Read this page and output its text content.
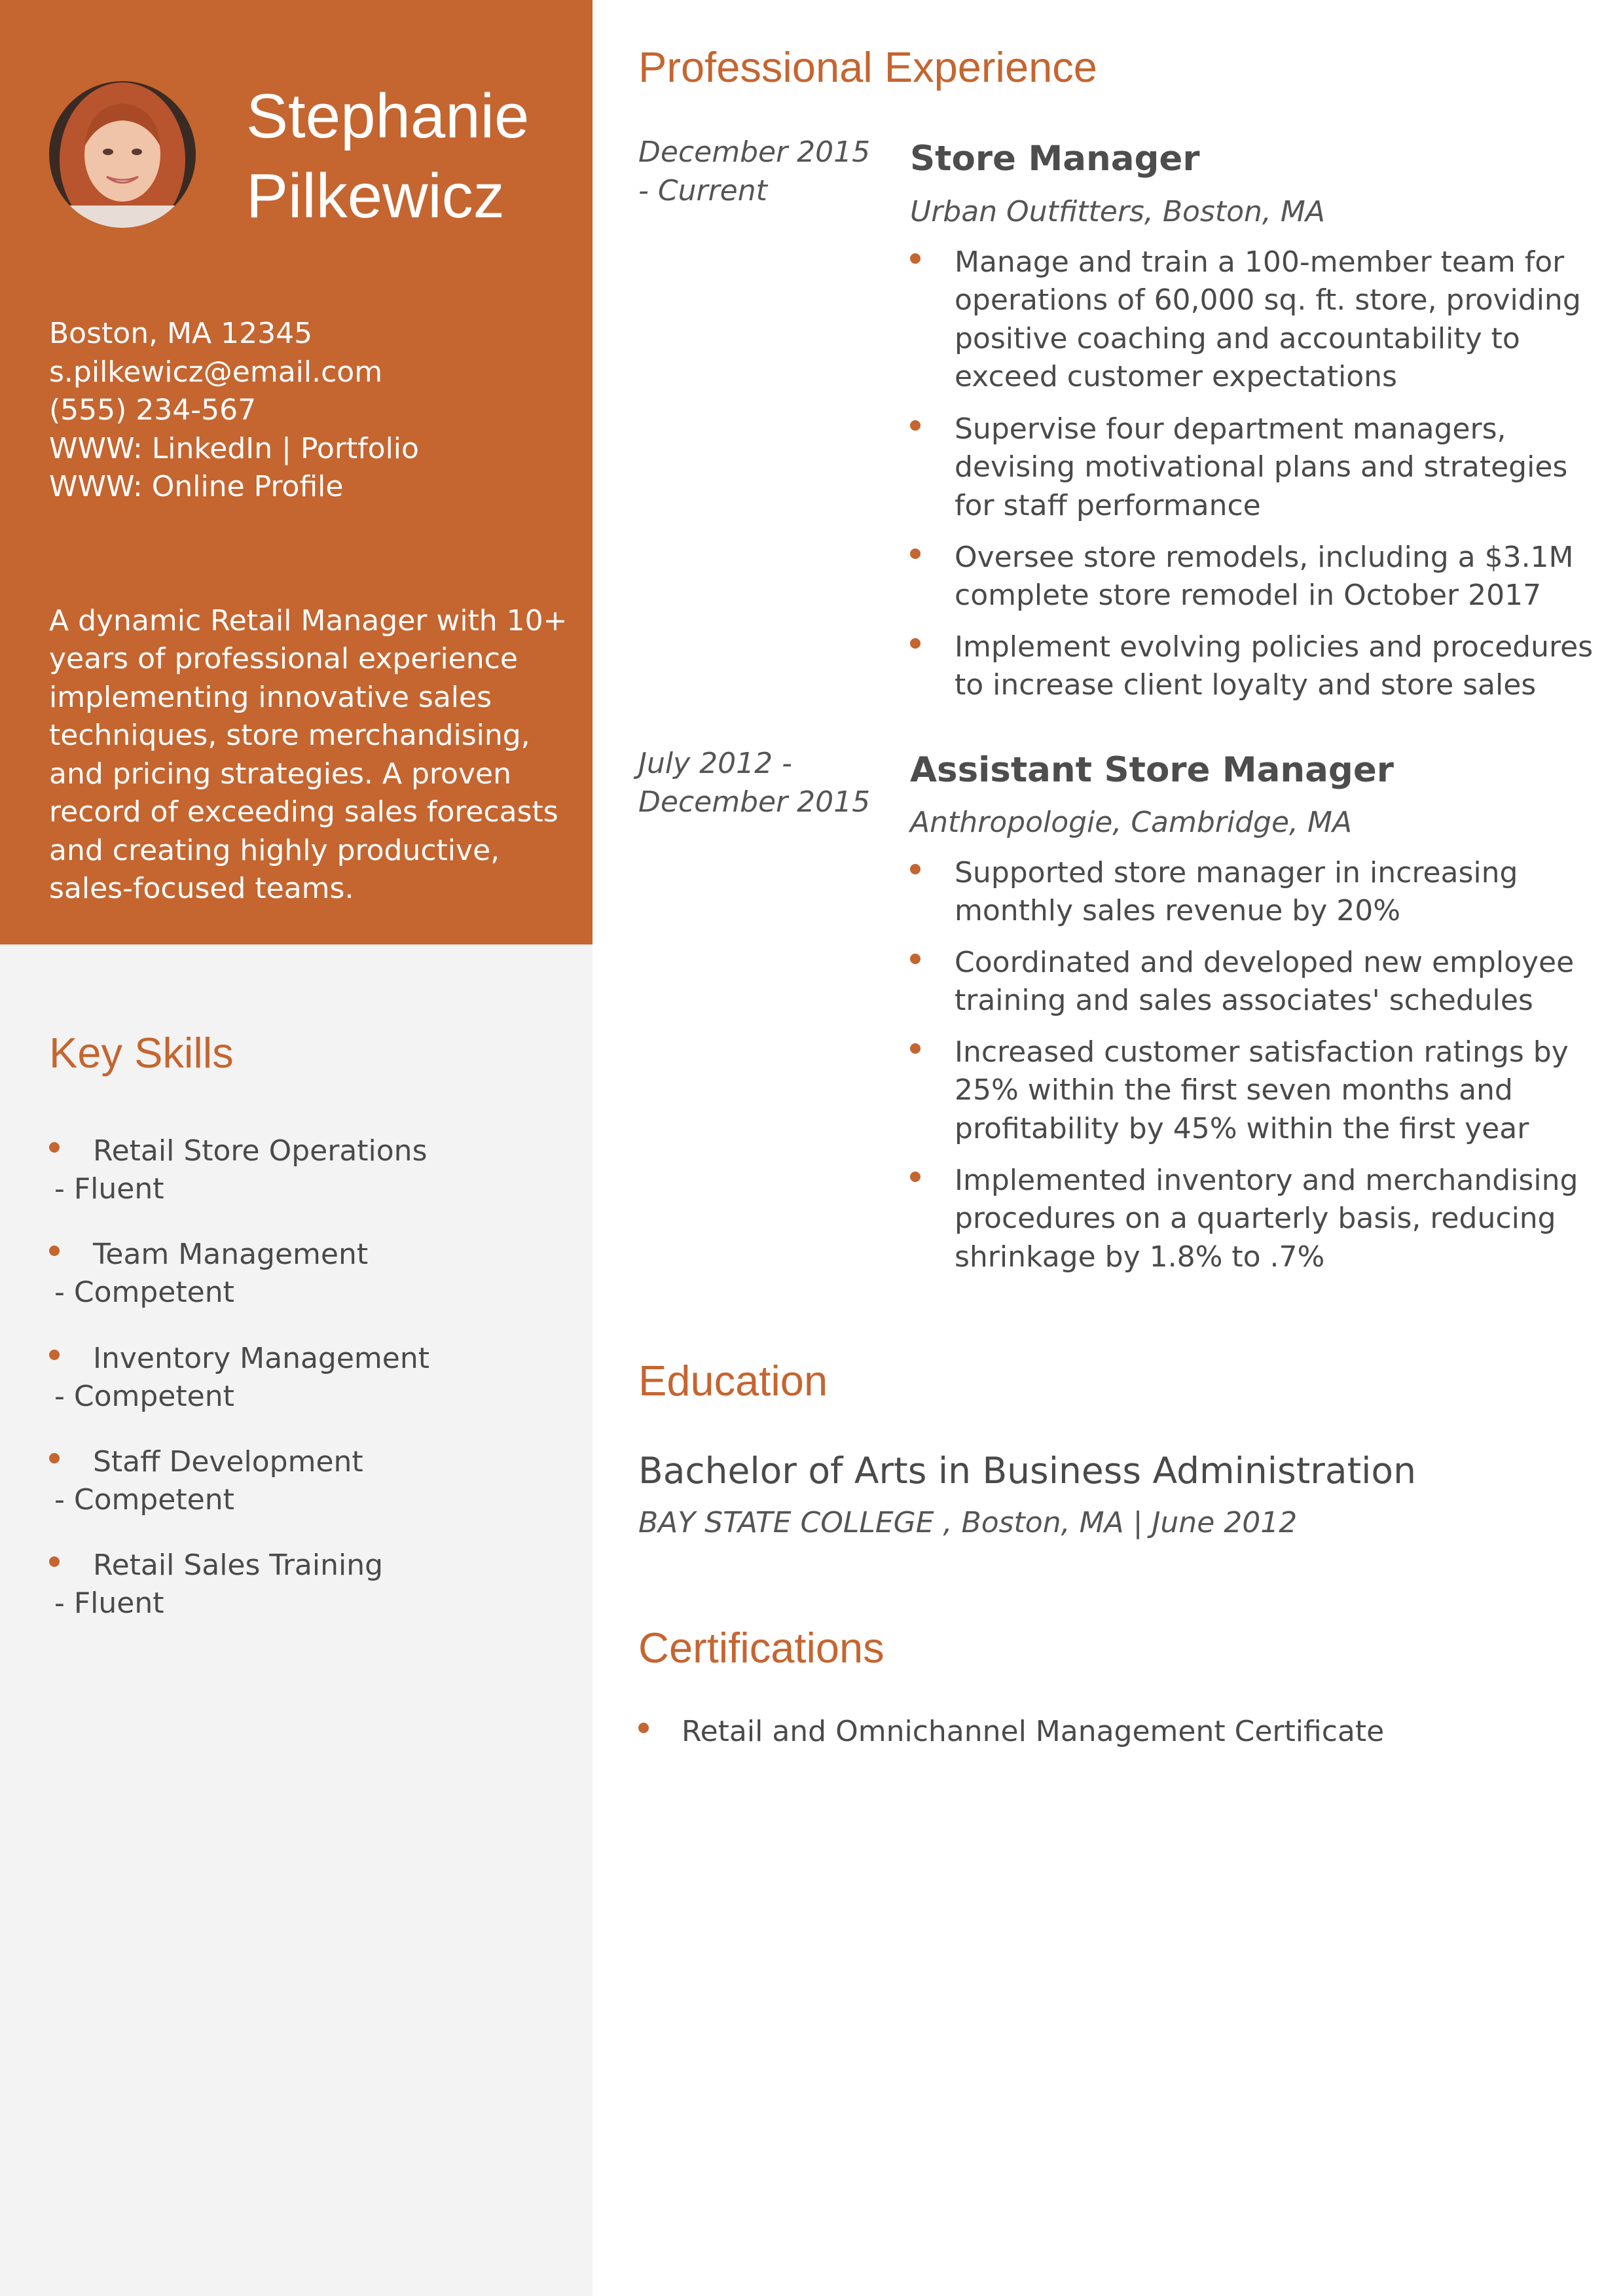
Stephanie
Pilkewicz
Boston, MA 12345
s.pilkewicz@email.com
(555) 234-567
WWW: LinkedIn | Portfolio
WWW: Online Profile
A dynamic Retail Manager with 10+
years of professional experience
implementing innovative sales
techniques, store merchandising,
and pricing strategies. A proven
record of exceeding sales forecasts
and creating highly productive,
sales-focused teams.
Key Skills
Retail Store Operations
- Fluent
Team Management
- Competent
Inventory Management
- Competent
Staff Development
- Competent
Retail Sales Training
- Fluent
Professional Experience
December 2015
- Current
Store Manager
Urban Outfitters, Boston, MA
Manage and train a 100-member team for
operations of 60,000 sq. ft. store, providing
positive coaching and accountability to
exceed customer expectations
Supervise four department managers,
devising motivational plans and strategies
for staff performance
Oversee store remodels, including a $3.1M
complete store remodel in October 2017
Implement evolving policies and procedures
to increase client loyalty and store sales
July 2012 -
December 2015
Assistant Store Manager
Anthropologie, Cambridge, MA
Supported store manager in increasing
monthly sales revenue by 20%
Coordinated and developed new employee
training and sales associates' schedules
Increased customer satisfaction ratings by
25% within the first seven months and
profitability by 45% within the first year
Implemented inventory and merchandising
procedures on a quarterly basis, reducing
shrinkage by 1.8% to .7%
Education
Bachelor of Arts in Business Administration
BAY STATE COLLEGE , Boston, MA | June 2012
Certifications
Retail and Omnichannel Management Certificate
